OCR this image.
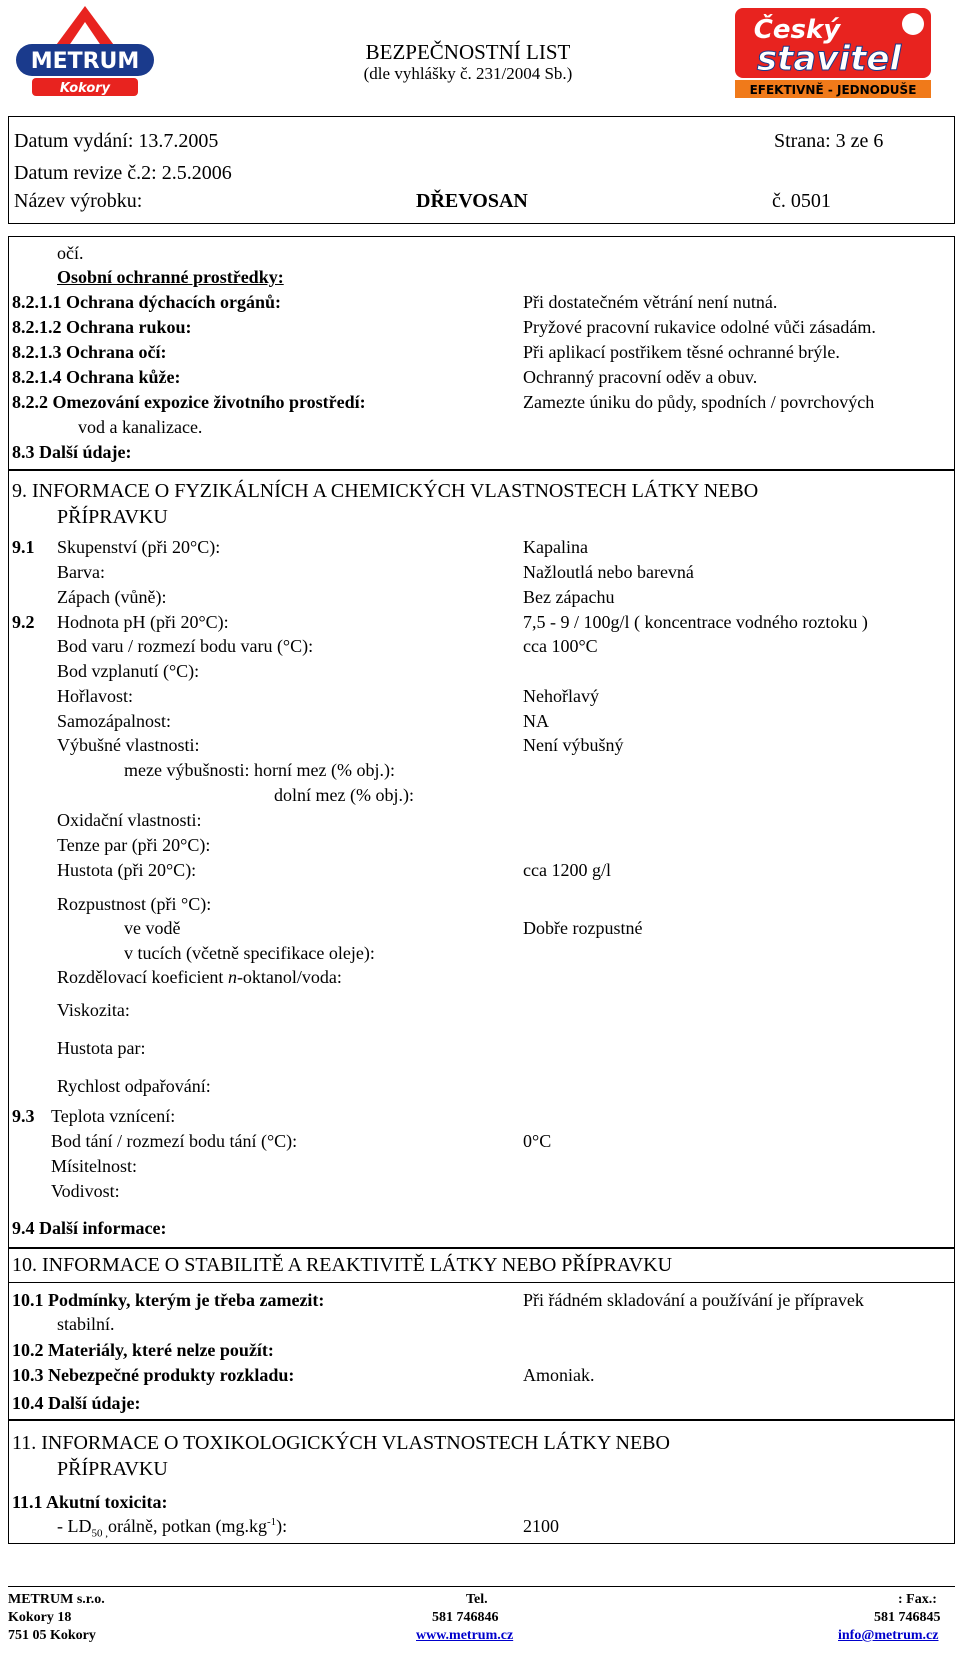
METRUM
Kokory
BEZPEČNOSTNÍ LIST
(dle vyhlášky č. 231/2004 Sb.)
Český
stavitel
EFEKTIVNĚ - JEDNODUŠE
Datum vydání: 13.7.2005	Strana: 3 ze 6
Datum revize č.2: 2.5.2006
Název výrobku:	DŘEVOSAN	č. 0501
očí.
Osobní ochranné prostředky:
8.2.1.1 Ochrana dýchacích orgánů:	Při dostatečném větrání není nutná.
8.2.1.2 Ochrana rukou:	Pryžové pracovní rukavice odolné vůči zásadám.
8.2.1.3 Ochrana očí:	Při aplikací postřikem těsné ochranné brýle.
8.2.1.4 Ochrana kůže:	Ochranný pracovní oděv a obuv.
8.2.2 Omezování expozice životního prostředí:	Zamezte úniku do půdy, spodních / povrchových
vod a kanalizace.
8.3 Další údaje:
9. INFORMACE O FYZIKÁLNÍCH A CHEMICKÝCH VLASTNOSTECH LÁTKY NEBO
PŘÍPRAVKU
9.1 Skupenství (při 20°C):	Kapalina
Barva:	Nažloutlá nebo barevná
Zápach (vůně):	Bez zápachu
9.2 Hodnota pH (při 20°C):	7,5 - 9 / 100g/l ( koncentrace vodného roztoku )
Bod varu / rozmezí bodu varu (°C):	cca 100°C
Bod vzplanutí (°C):
Hořlavost:	Nehořlavý
Samozápalnost:	NA
Výbušné vlastnosti:	Není výbušný
meze výbušnosti: horní mez (% obj.):
dolní mez (% obj.):
Oxidační vlastnosti:
Tenze par (při 20°C):
Hustota (při 20°C):	cca 1200 g/l
Rozpustnost (při °C):
ve vodě	Dobře rozpustné
v tucích (včetně specifikace oleje):
Rozdělovací koeficient n-oktanol/voda:
Viskozita:
Hustota par:
Rychlost odpařování:
9.3 Teplota vznícení:
Bod tání / rozmezí bodu tání (°C):	0°C
Mísitelnost:
Vodivost:
9.4 Další informace:
10. INFORMACE O STABILITĚ A REAKTIVITĚ LÁTKY NEBO PŘÍPRAVKU
10.1 Podmínky, kterým je třeba zamezit:	Při řádném skladování a používání je přípravek
stabilní.
10.2 Materiály, které nelze použít:
10.3 Nebezpečné produkty rozkladu:	Amoniak.
10.4 Další údaje:
11. INFORMACE O TOXIKOLOGICKÝCH VLASTNOSTECH LÁTKY NEBO
PŘÍPRAVKU
11.1 Akutní toxicita:
- $LD_{50 ,}orá\ln ě$, potkan $(mg.kg^{-1})$:	2100
METRUM s.r.o.
Kokory 18
751 05 Kokory
Tel.
581 746846
www.metrum.cz
: Fax.:
581 746845
info@metrum.cz
